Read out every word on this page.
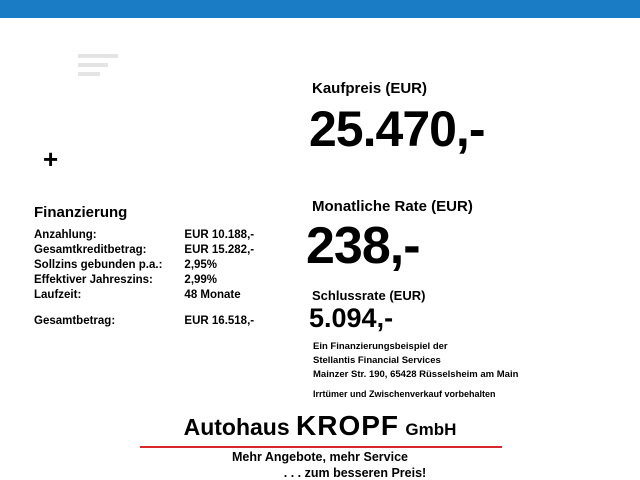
+
Finanzierung
Anzahlung:	EUR 10.188,-
Gesamtkreditbetrag:	EUR 15.282,-
Sollzins gebunden p.a.:	2,95%
Effektiver Jahreszins:	2,99%
Laufzeit:	48 Monate

Gesamtbetrag:	EUR 16.518,-
Kaufpreis (EUR)
25.470,-
Monatliche Rate (EUR)
238,-
Schlussrate (EUR)
5.094,-
Ein Finanzierungsbeispiel der
Stellantis Financial Services
Mainzer Str. 190, 65428 Rüsselsheim am Main
Irrtümer und Zwischenverkauf vorbehalten
Autohaus KROPF GmbH
Mehr Angebote, mehr Service
. . . zum besseren Preis!
